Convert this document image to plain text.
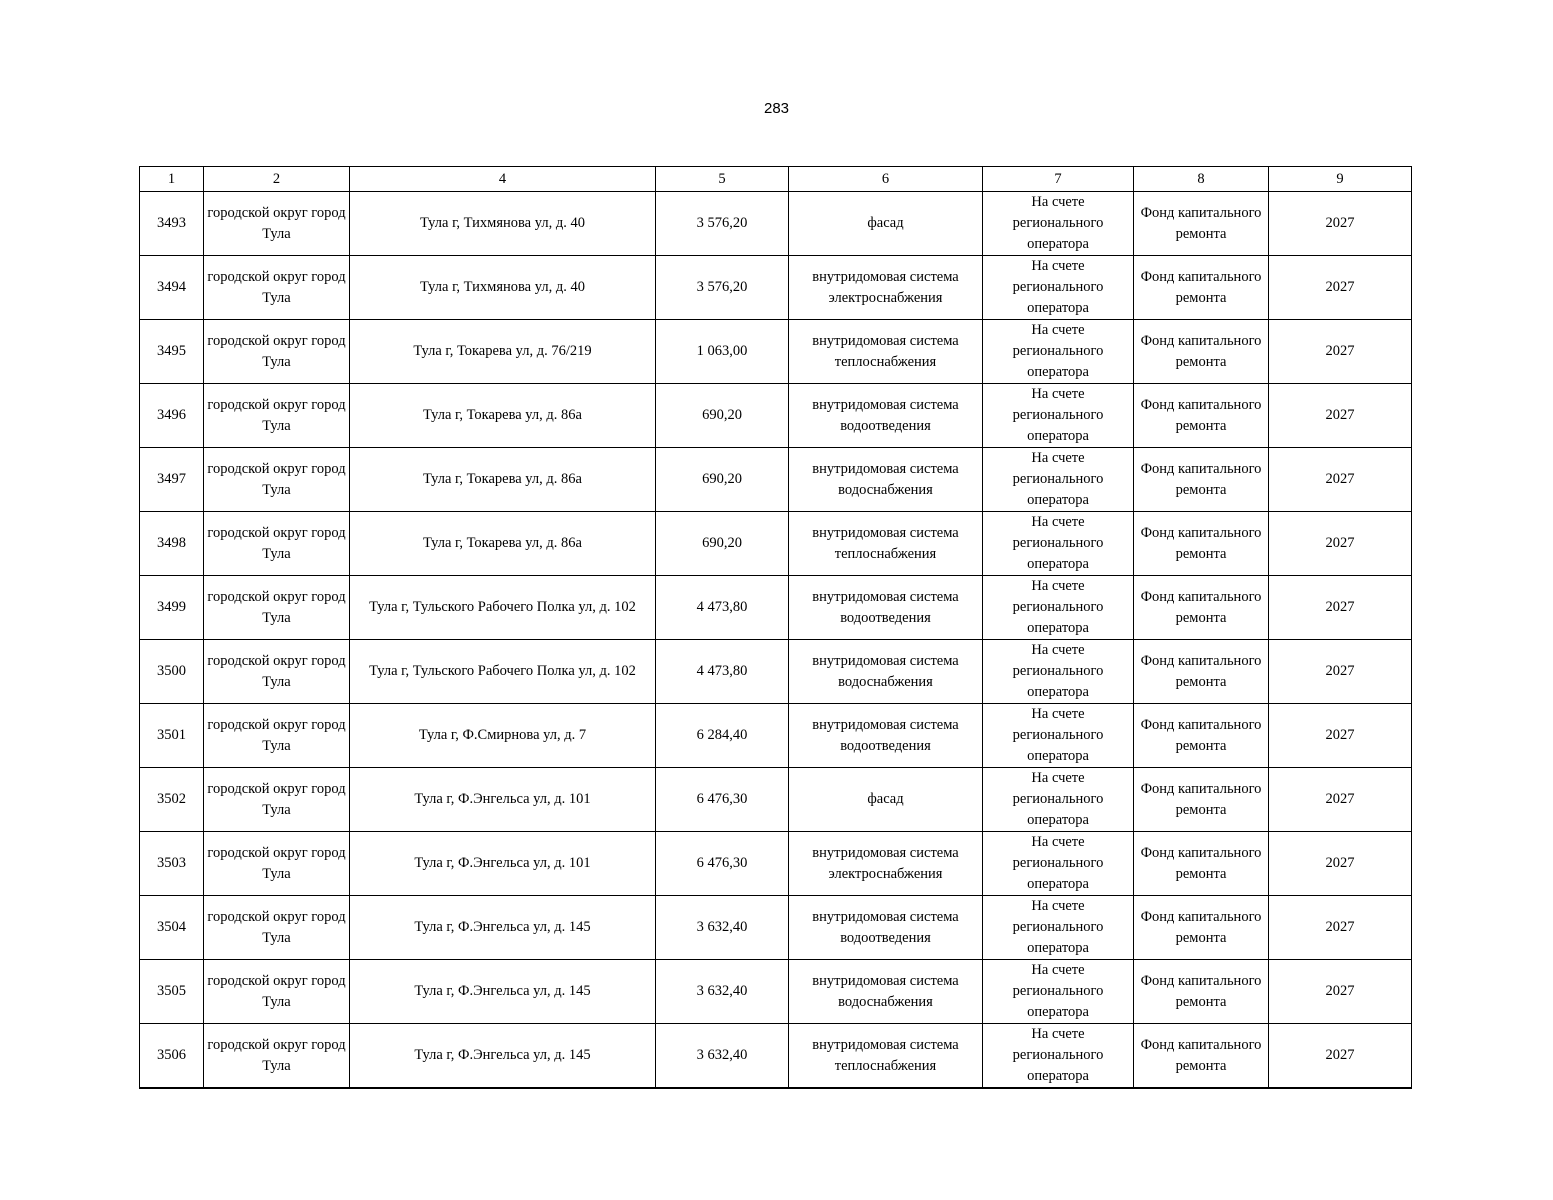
283
1	2	4	5	6	7	8	9
3493	городской округ город Тула	Тула г, Тихмянова ул, д. 40	3 576,20	фасад	На счете регионального оператора	Фонд капитального ремонта	2027
3494	городской округ город Тула	Тула г, Тихмянова ул, д. 40	3 576,20	внутридомовая система электроснабжения	На счете регионального оператора	Фонд капитального ремонта	2027
3495	городской округ город Тула	Тула г, Токарева ул, д. 76/219	1 063,00	внутридомовая система теплоснабжения	На счете регионального оператора	Фонд капитального ремонта	2027
3496	городской округ город Тула	Тула г, Токарева ул, д. 86а	690,20	внутридомовая система водоотведения	На счете регионального оператора	Фонд капитального ремонта	2027
3497	городской округ город Тула	Тула г, Токарева ул, д. 86а	690,20	внутридомовая система водоснабжения	На счете регионального оператора	Фонд капитального ремонта	2027
3498	городской округ город Тула	Тула г, Токарева ул, д. 86а	690,20	внутридомовая система теплоснабжения	На счете регионального оператора	Фонд капитального ремонта	2027
3499	городской округ город Тула	Тула г, Тульского Рабочего Полка ул, д. 102	4 473,80	внутридомовая система водоотведения	На счете регионального оператора	Фонд капитального ремонта	2027
3500	городской округ город Тула	Тула г, Тульского Рабочего Полка ул, д. 102	4 473,80	внутридомовая система водоснабжения	На счете регионального оператора	Фонд капитального ремонта	2027
3501	городской округ город Тула	Тула г, Ф.Смирнова ул, д. 7	6 284,40	внутридомовая система водоотведения	На счете регионального оператора	Фонд капитального ремонта	2027
3502	городской округ город Тула	Тула г, Ф.Энгельса ул, д. 101	6 476,30	фасад	На счете регионального оператора	Фонд капитального ремонта	2027
3503	городской округ город Тула	Тула г, Ф.Энгельса ул, д. 101	6 476,30	внутридомовая система электроснабжения	На счете регионального оператора	Фонд капитального ремонта	2027
3504	городской округ город Тула	Тула г, Ф.Энгельса ул, д. 145	3 632,40	внутридомовая система водоотведения	На счете регионального оператора	Фонд капитального ремонта	2027
3505	городской округ город Тула	Тула г, Ф.Энгельса ул, д. 145	3 632,40	внутридомовая система водоснабжения	На счете регионального оператора	Фонд капитального ремонта	2027
3506	городской округ город Тула	Тула г, Ф.Энгельса ул, д. 145	3 632,40	внутридомовая система теплоснабжения	На счете регионального оператора	Фонд капитального ремонта	2027
